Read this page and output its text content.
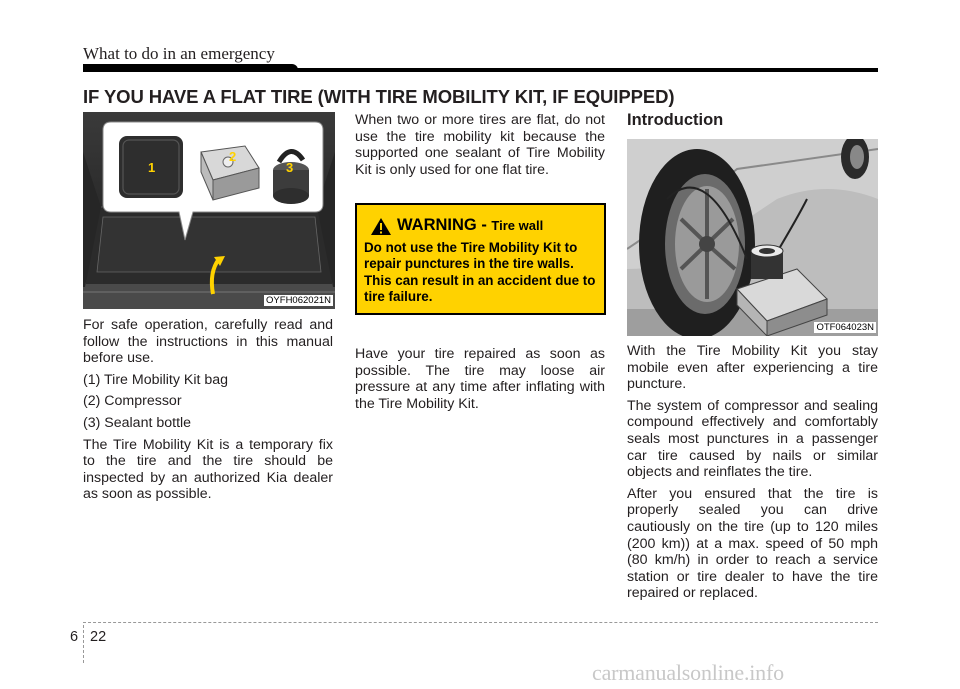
What to do in an emergency
IF YOU HAVE A FLAT TIRE (WITH TIRE MOBILITY KIT, IF EQUIPPED)
1
2
3
OYFH062021N

For safe operation, carefully read and follow the instructions in this manual before use.

(1) Tire Mobility Kit bag

(2) Compressor

(3) Sealant bottle

The Tire Mobility Kit is a temporary fix to the tire and the tire should be inspected by an authorized Kia dealer as soon as possible.

When two or more tires are flat, do not use the tire mobility kit because the supported one sealant of Tire Mobility Kit is only used for one flat tire.

WARNING - Tire wall
Do not use the Tire Mobility Kit to repair punctures in the tire walls. This can result in an accident due to tire failure.

Have your tire repaired as soon as possible. The tire may loose air pressure at any time after inflating with the Tire Mobility Kit.

Introduction
OTF064023N

With the Tire Mobility Kit you stay mobile even after experiencing a tire puncture.

The system of compressor and sealing compound effectively and comfortably seals most punctures in a passenger car tire caused by nails or similar objects and reinflates the tire.

After you ensured that the tire is properly sealed you can drive cautiously on the tire (up to 120 miles (200 km)) at a max. speed of 50 mph (80 km/h) in order to reach a service station or tire dealer to have the tire repaired or replaced.

6 22
carmanualsonline.info
